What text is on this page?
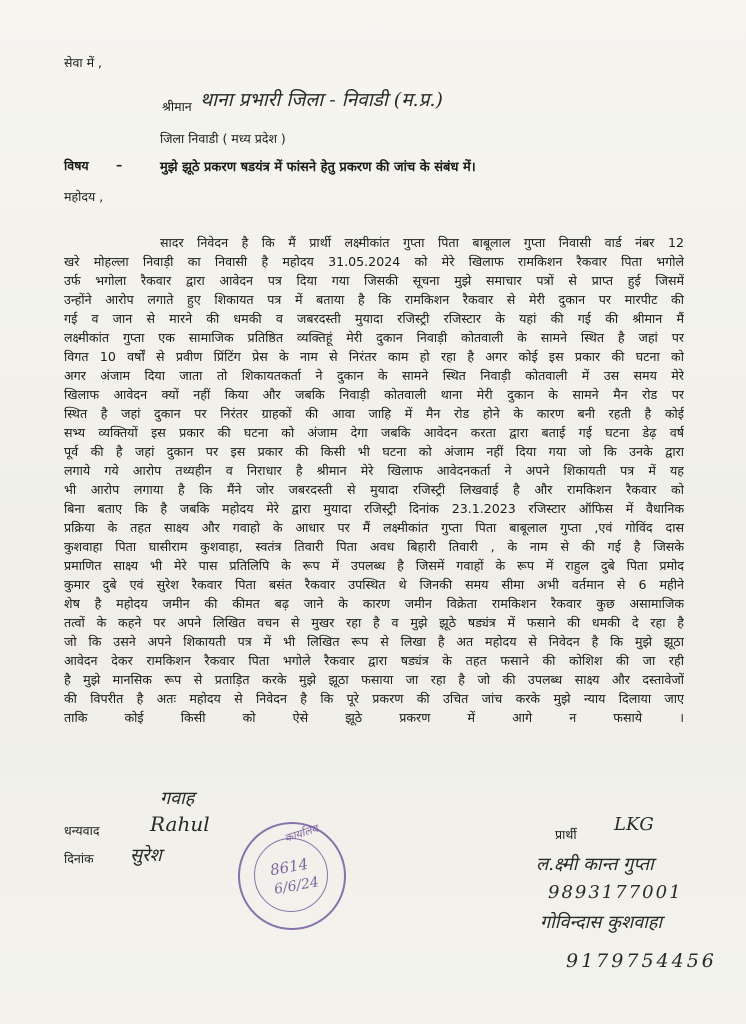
सेवा में ,
श्रीमान थाना प्रभारी जिला - निवाडी (म.प्र.)
जिला निवाडी ( मध्य प्रदेश )
विषय –	मुझे झूठे प्रकरण षडयंत्र में फांसने हेतु प्रकरण की जांच के संबंध में।
महोदय ,
सादर निवेदन है कि मैं प्रार्थी लक्ष्मीकांत गुप्ता पिता बाबूलाल गुप्ता निवासी वार्ड नंबर 12
खरे मोहल्ला निवाड़ी का निवासी है महोदय 31.05.2024 को मेरे खिलाफ रामकिशन रैकवार पिता भगोले
उर्फ भगोला रैकवार द्वारा आवेदन पत्र दिया गया जिसकी सूचना मुझे समाचार पत्रों से प्राप्त हुई जिसमें
उन्होंने आरोप लगाते हुए शिकायत पत्र में बताया है कि रामकिशन रैकवार से मेरी दुकान पर मारपीट की
गई व जान से मारने की धमकी व जबरदस्ती मुयादा रजिस्ट्री रजिस्टार के यहां की गई की श्रीमान मैं
लक्ष्मीकांत गुप्ता एक सामाजिक प्रतिष्ठित व्यक्तिहूं मेरी दुकान निवाड़ी कोतवाली के सामने स्थित है जहां पर
विगत 10 वर्षों से प्रवीण प्रिंटिंग प्रेस के नाम से निरंतर काम हो रहा है अगर कोई इस प्रकार की घटना को
अगर अंजाम दिया जाता तो शिकायतकर्ता ने दुकान के सामने स्थित निवाड़ी कोतवाली में उस समय मेरे
खिलाफ आवेदन क्यों नहीं किया और जबकि निवाड़ी कोतवाली थाना मेरी दुकान के सामने मैन रोड पर
स्थित है जहां दुकान पर निरंतर ग्राहकों की आवा जाहि में मैन रोड होने के कारण बनी रहती है कोई
सभ्य व्यक्तियों इस प्रकार की घटना को अंजाम देगा जबकि आवेदन करता द्वारा बताई गई घटना डेढ़ वर्ष
पूर्व की है जहां दुकान पर इस प्रकार की किसी भी घटना को अंजाम नहीं दिया गया जो कि उनके द्वारा
लगाये गये आरोप तथ्यहीन व निराधार है श्रीमान मेरे खिलाफ आवेदनकर्ता ने अपने शिकायती पत्र में यह
भी आरोप लगाया है कि मैंने जोर जबरदस्ती से मुयादा रजिस्ट्री लिखवाई है और रामकिशन रैकवार को
बिना बताए कि है जबकि महोदय मेरे द्वारा मुयादा रजिस्ट्री दिनांक 23.1.2023 रजिस्टार ऑफिस में वैधानिक
प्रक्रिया के तहत साक्ष्य और गवाहो के आधार पर मैं लक्ष्मीकांत गुप्ता पिता बाबूलाल गुप्ता ,एवं गोविंद दास
कुशवाहा पिता घासीराम कुशवाहा, स्वतंत्र तिवारी पिता अवध बिहारी तिवारी , के नाम से की गई है जिसके
प्रमाणित साक्ष्य भी मेरे पास प्रतिलिपि के रूप में उपलब्ध है जिसमें गवाहों के रूप में राहुल दुबे पिता प्रमोद
कुमार दुबे एवं सुरेश रैकवार पिता बसंत रैकवार उपस्थित थे जिनकी समय सीमा अभी वर्तमान से 6 महीने
शेष है महोदय जमीन की कीमत बढ़ जाने के कारण जमीन विक्रेता रामकिशन रैकवार कुछ असामाजिक
तत्वों के कहने पर अपने लिखित वचन से मुखर रहा है व मुझे झूठे षड्यंत्र में फसाने की धमकी दे रहा है
जो कि उसने अपने शिकायती पत्र में भी लिखित रूप से लिखा है अत महोदय से निवेदन है कि मुझे झूठा
आवेदन देकर रामकिशन रैकवार पिता भगोले रैकवार द्वारा षड्यंत्र के तहत फसाने की कोशिश की जा रही
है मुझे मानसिक रूप से प्रताड़ित करके मुझे झूठा फसाया जा रहा है जो की उपलब्ध साक्ष्य और दस्तावेजों
की विपरीत है अतः महोदय से निवेदन है कि पूरे प्रकरण की उचित जांच करके मुझे न्याय दिलाया जाए
ताकि कोई किसी को ऐसे झूठे प्रकरण में आगे न फसाये ।
गवाह
धन्यवाद	Rahul
दिनांक सुरेश
कार्यालय
8614
6/6/24
प्रार्थी LKG
ल.क्ष्मी कान्त गुप्ता
9893177001
गोविन्दास कुशवाहा
9179754456
